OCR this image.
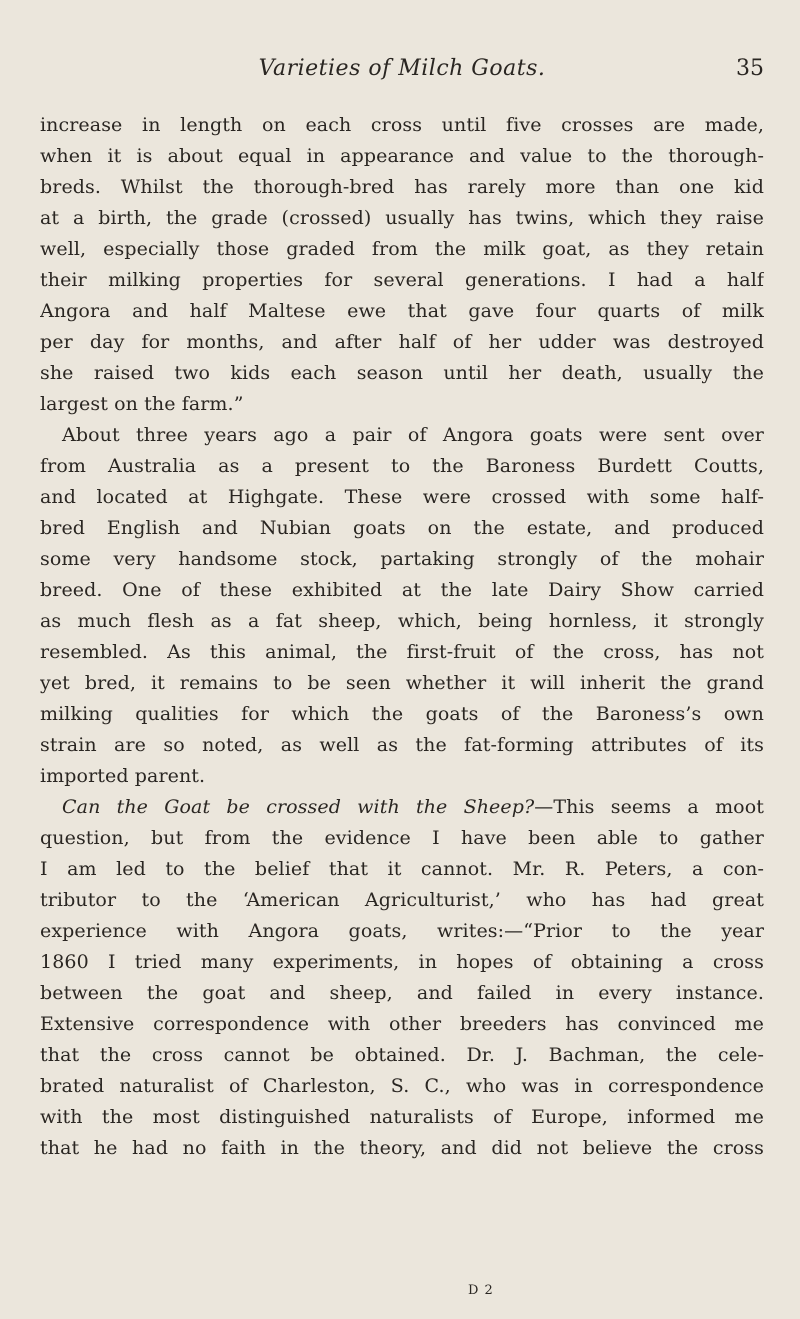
Varieties of Milch Goats.	35
increase in length on each cross until five crosses are made,
when it is about equal in appearance and value to the thorough-
breds. Whilst the thorough-bred has rarely more than one kid
at a birth, the grade (crossed) usually has twins, which they raise
well, especially those graded from the milk goat, as they retain
their milking properties for several generations. I had a half
Angora and half Maltese ewe that gave four quarts of milk
per day for months, and after half of her udder was destroyed
she raised two kids each season until her death, usually the
largest on the farm.”
About three years ago a pair of Angora goats were sent over
from Australia as a present to the Baroness Burdett Coutts,
and located at Highgate. These were crossed with some half-
bred English and Nubian goats on the estate, and produced
some very handsome stock, partaking strongly of the mohair
breed. One of these exhibited at the late Dairy Show carried
as much flesh as a fat sheep, which, being hornless, it strongly
resembled. As this animal, the first-fruit of the cross, has not
yet bred, it remains to be seen whether it will inherit the grand
milking qualities for which the goats of the Baroness’s own
strain are so noted, as well as the fat-forming attributes of its
imported parent.
Can the Goat be crossed with the Sheep?—This seems a moot
question, but from the evidence I have been able to gather
I am led to the belief that it cannot. Mr. R. Peters, a con-
tributor to the ‘American Agriculturist,’ who has had great
experience with Angora goats, writes:—“Prior to the year
1860 I tried many experiments, in hopes of obtaining a cross
between the goat and sheep, and failed in every instance.
Extensive correspondence with other breeders has convinced me
that the cross cannot be obtained. Dr. J. Bachman, the cele-
brated naturalist of Charleston, S. C., who was in correspondence
with the most distinguished naturalists of Europe, informed me
that he had no faith in the theory, and did not believe the cross
D 2
